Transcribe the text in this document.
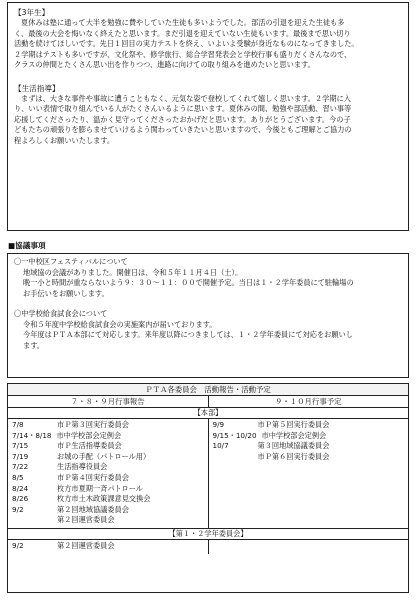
【3年生】

夏休みは塾に通って大半を勉強に費やしていた生徒も多いようでした。部活の引退を迎えた生徒も多

く、最後の大会を悔いなく終えたと思います。まだ引退を迎えていない生徒もいます。最後まで思い切り

活動を続けてほしいです。先日１回目の実力テストを終え、いよいよ受験が身近なものになってきました。

２学期はテストも多いですが、文化祭や、修学旅行、総合学習発表会と学校行事も盛りだくさんなので、

クラスの仲間とたくさん思い出を作りつつ、進路に向けての取り組みを進めたいと思います。

【生活指導】

まずは、大きな事件や事故に遭うこともなく、元気な姿で登校してくれて嬉しく思います。２学期に入

り、いい表情で取り組んでいる人がたくさんいるように思います。夏休みの間、勉強や部活動、習い事等

応援してくださったり、温かく見守ってくださったおかげだと思います。ありがとうございます。今の子

どもたちの頑張りを膨らませていけるよう関わっていきたいと思いますので、今後ともご理解とご協力の

程よろしくお願いいたします。

■協議事項

〇一中校区フェスティバルについて

地域協の会議がありました。開催日は、令和５年１１月４日（土）。

晩一小と時間が重ならないよう９：３０～１１：００で開催予定。当日は１・２学年委員にて駐輪場の

お手伝いをお願いします。

〇中学校給食試食会について

令和５年度中学校給食試食会の実施案内が届いております。

今年度はＰＴＡ本部にて対応します。来年度以降につきましては、１・２学年委員にて対応をお願いし

ます。

ＰＴＡ各委員会　活動報告・活動予定
７・８・９月行事報告	９・１０月行事予定
【本部】
7/8	市Ｐ第３回実行委員会
7/14・8/18 市中学校部会定例会
7/15	市Ｐ生活指導委員会
7/19	お城の手配（パトロール用）
7/22	生活指導役員会
8/5	市Ｐ第４回実行委員会
8/24	枚方市夏期一斉パトロール
8/26	枚方市土木政策課意見交換会
9/2	第２回地域協議委員会
第２回運営委員会
9/9	市Ｐ第５回実行委員会
9/15・10/20 市中学校部会定例会
10/7	第３回地域協議委員会
市Ｐ第６回実行委員会
【第１・２学年委員会】
9/2	第２回運営委員会
